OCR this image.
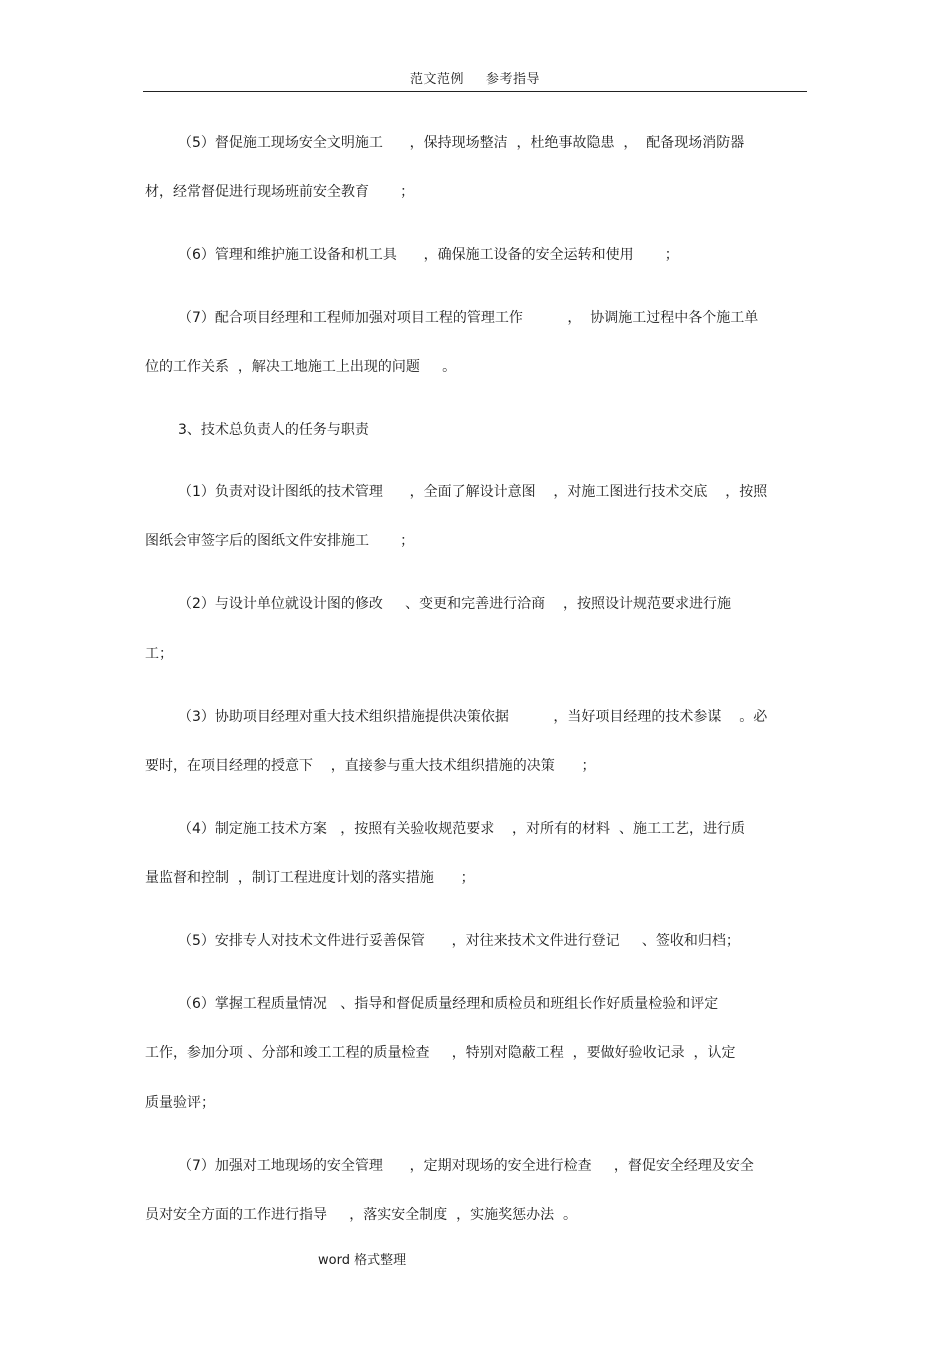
范文范例 参考指导
（5）督促施工现场安全文明施工      ，保持现场整洁  ，杜绝事故隐患  ，  配备现场消防器
材，经常督促进行现场班前安全教育       ；
（6）管理和维护施工设备和机工具      ，确保施工设备的安全运转和使用       ；
（7）配合项目经理和工程师加强对项目工程的管理工作          ，  协调施工过程中各个施工单
位的工作关系  ，解决工地施工上出现的问题     。
3、技术总负责人的任务与职责
（1）负责对设计图纸的技术管理      ，全面了解设计意图    ，对施工图进行技术交底    ，按照
图纸会审签字后的图纸文件安排施工       ；
（2）与设计单位就设计图的修改     、变更和完善进行洽商    ，按照设计规范要求进行施
工；
（3）协助项目经理对重大技术组织措施提供决策依据          ，当好项目经理的技术参谋    。必
要时，在项目经理的授意下    ，直接参与重大技术组织措施的决策      ；
（4）制定施工技术方案   ，按照有关验收规范要求    ，对所有的材料  、施工工艺，进行质
量监督和控制  ，制订工程进度计划的落实措施      ；
（5）安排专人对技术文件进行妥善保管      ，对往来技术文件进行登记     、签收和归档；
（6）掌握工程质量情况   、指导和督促质量经理和质检员和班组长作好质量检验和评定
工作，参加分项 、分部和竣工工程的质量检查     ，特别对隐蔽工程  ，要做好验收记录  ，认定
质量验评；
（7）加强对工地现场的安全管理      ，定期对现场的安全进行检查     ，督促安全经理及安全
员对安全方面的工作进行指导     ，落实安全制度  ，实施奖惩办法  。
word 格式整理
